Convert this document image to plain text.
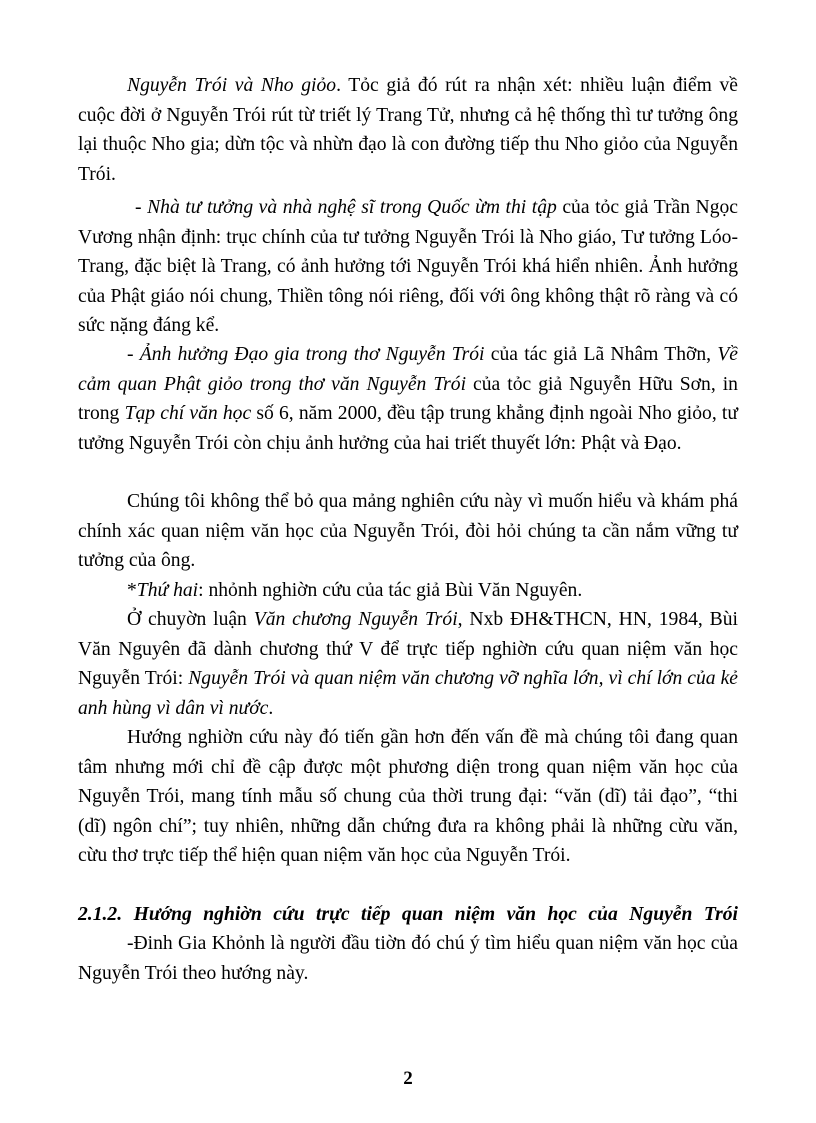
Nguyễn Trói và Nho giỏo. Tỏc giả đó rút ra nhận xét: nhiều luận điểm về cuộc đời ở Nguyễn Trói rút từ triết lý Trang Tử, nhưng cả hệ thống thì tư tưởng ông lại thuộc Nho gia; dừn tộc và nhừn đạo là con đường tiếp thu Nho giỏo của Nguyễn Trói.

- Nhà tư tưởng và nhà nghệ sĩ trong Quốc ừm thi tập của tỏc giả Trần Ngọc Vương nhận định: trục chính của tư tưởng Nguyễn Trói là Nho giáo, Tư tưởng Lóo-Trang, đặc biệt là Trang, có ảnh hưởng tới Nguyễn Trói khá hiển nhiên. Ảnh hưởng của Phật giáo nói chung, Thiền tông nói riêng, đối với ông không thật rõ ràng và có sức nặng đáng kể.

- Ảnh hưởng Đạo gia trong thơ Nguyễn Trói của tác giả Lã Nhâm Thỡn, Về cảm quan Phật giỏo trong thơ văn Nguyễn Trói của tỏc giả Nguyễn Hữu Sơn, in trong Tạp chí văn học số 6, năm 2000, đều tập trung khẳng định ngoài Nho giỏo, tư tưởng Nguyễn Trói còn chịu ảnh hưởng của hai triết thuyết lớn: Phật và Đạo.

Chúng tôi không thể bỏ qua mảng nghiên cứu này vì muốn hiểu và khám phá chính xác quan niệm văn học của Nguyễn Trói, đòi hỏi chúng ta cần nắm vững tư tưởng của ông.

*Thứ hai: nhỏnh nghiờn cứu của tác giả Bùi Văn Nguyên.

Ở chuyờn luận Văn chương Nguyễn Trói, Nxb ĐH&THCN, HN, 1984, Bùi Văn Nguyên đã dành chương thứ V để trực tiếp nghiờn cứu quan niệm văn học Nguyễn Trói: Nguyễn Trói và quan niệm văn chương vỡ nghĩa lớn, vì chí lớn của kẻ anh hùng vì dân vì nước.

Hướng nghiờn cứu này đó tiến gần hơn đến vấn đề mà chúng tôi đang quan tâm nhưng mới chỉ đề cập được một phương diện trong quan niệm văn học của Nguyễn Trói, mang tính mẫu số chung của thời trung đại: “văn (dĩ) tải đạo”, “thi (dĩ) ngôn chí”; tuy nhiên, những dẫn chứng đưa ra không phải là những cừu văn, cừu thơ trực tiếp thể hiện quan niệm văn học của Nguyễn Trói.

2.1.2. Hướng nghiờn cứu trực tiếp quan niệm văn học của Nguyễn Trói

-Đinh Gia Khỏnh là người đầu tiờn đó chú ý tìm hiểu quan niệm văn học của Nguyễn Trói theo hướng này.

2
